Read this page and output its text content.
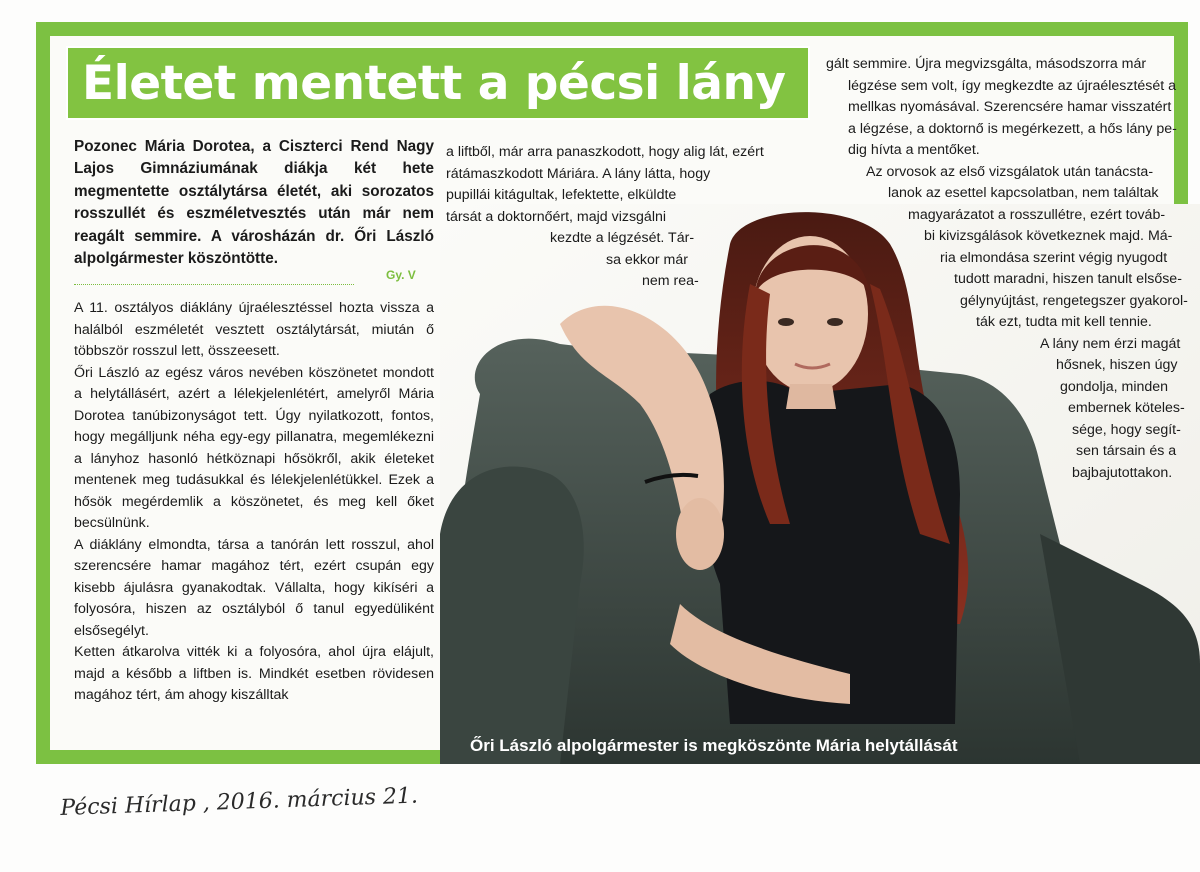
Életet mentett a pécsi lány

Pozonec Mária Dorotea, a Ciszterci Rend Nagy Lajos Gimnáziumának diákja két hete megmentette osztálytársa életét, aki sorozatos rosszullét és eszméletvesztés után már nem reagált semmire. A városházán dr. Őri László alpolgármester köszöntötte.

Gy. V

A 11. osztályos diáklány újraélesztéssel hozta vissza a halálból eszméletét vesztett osztálytársát, miután ő többször rosszul lett, összeesett.

Őri László az egész város nevében köszönetet mondott a helytállásért, azért a lélekjelenlétért, amelyről Mária Dorotea tanúbizonyságot tett. Úgy nyilatkozott, fontos, hogy megálljunk néha egy-egy pillanatra, megemlékezni a lányhoz hasonló hétköznapi hősökről, akik életeket mentenek meg tudásukkal és lélekjelenlétükkel. Ezek a hősök megérdemlik a köszönetet, és meg kell őket becsülnünk.

A diáklány elmondta, társa a tanórán lett rosszul, ahol szerencsére hamar magához tért, ezért csupán egy kisebb ájulásra gyanakodtak. Vállalta, hogy kikíséri a folyosóra, hiszen az osztályból ő tanul egyedüliként elsősegélyt.

Ketten átkarolva vitték ki a folyosóra, ahol újra eláj​ult, majd a később a liftben is. Mindkét esetben rövidesen magához tért, ám ahogy kiszálltak

a liftből, már arra panaszkodott, hogy alig lát, ezért

rátámaszkodott Máriára. A lány látta, hogy

pupillái kitágultak, lefektette, elküldte

társát a doktornőért, majd vizsgálni

kezdte a légzését. Tár-

sa ekkor már

nem rea-

gált semmire. Újra megvizsgálta, másodszorra már

légzése sem volt, így megkezdte az újraélesztését a

mellkas nyomásával. Szerencsére hamar visszatért

a légzése, a doktornő is megérkezett, a hős lány pe-

dig hívta a mentőket.

Az orvosok az első vizsgálatok után tanácsta-

lanok az esettel kapcsolatban, nem találtak

magyarázatot a rosszullétre, ezért továb-

bi kivizsgálások következnek majd. Má-

ria elmondása szerint végig nyugodt

tudott maradni, hiszen tanult elsőse-

gélynyújtást, rengetegszer gyakorol-

ták ezt, tudta mit kell tennie.

A lány nem érzi magát

hősnek, hiszen úgy

gondolja, minden

embernek köteles-

sége, hogy segít-

sen társain és a

bajbajutottakon.

Őri László alpolgármester is megköszönte Mária helytállását
Pécsi Hírlap , 2016. március 21.
